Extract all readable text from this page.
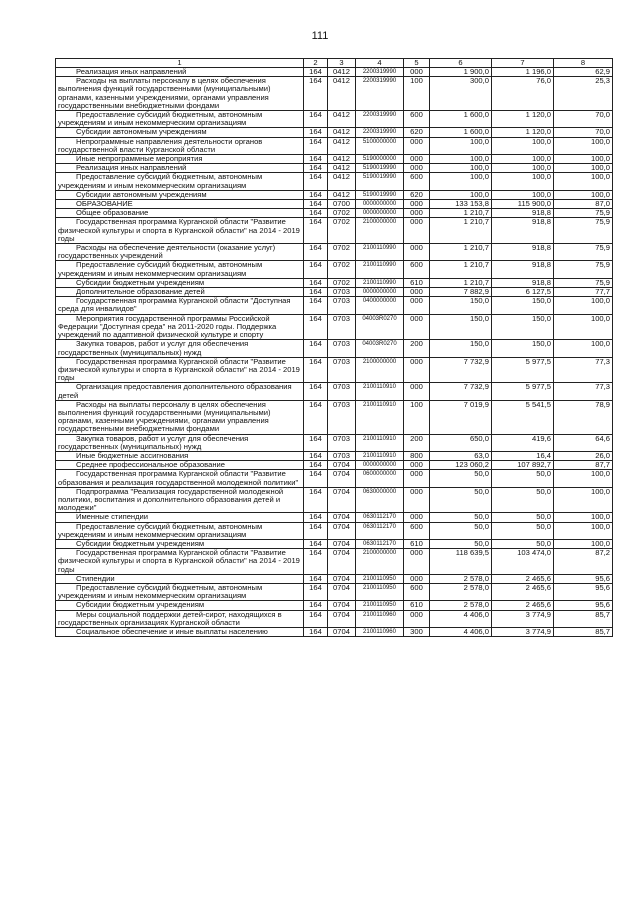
111
1	2	3	4	5	6	7	8
Реализация иных направлений	164	0412	2200319990	000	1 900,0	1 196,0	62,9
Расходы на выплаты персоналу в целях обеспечения выполнения функций государственными (муниципальными) органами, казенными учреждениями, органами управления государственными внебюджетными фондами	164	0412	2200319990	100	300,0	76,0	25,3
Предоставление субсидий бюджетным, автономным учреждениям и иным некоммерческим организациям	164	0412	2200319990	600	1 600,0	1 120,0	70,0
Субсидии автономным учреждениям	164	0412	2200319990	620	1 600,0	1 120,0	70,0
Непрограммные направления деятельности органов государственной власти Курганской области	164	0412	5100000000	000	100,0	100,0	100,0
Иные непрограммные мероприятия	164	0412	5190000000	000	100,0	100,0	100,0
Реализация иных направлений	164	0412	5190019990	000	100,0	100,0	100,0
Предоставление субсидий бюджетным, автономным учреждениям и иным некоммерческим организациям	164	0412	5190019990	600	100,0	100,0	100,0
Субсидии автономным учреждениям	164	0412	5190019990	620	100,0	100,0	100,0
ОБРАЗОВАНИЕ	164	0700	0000000000	000	133 153,8	115 900,0	87,0
Общее образование	164	0702	0000000000	000	1 210,7	918,8	75,9
Государственная программа Курганской области "Развитие физической культуры и спорта в Курганской области" на 2014 - 2019 годы	164	0702	2100000000	000	1 210,7	918,8	75,9
Расходы на обеспечение деятельности (оказание услуг) государственных учреждений	164	0702	2100110990	000	1 210,7	918,8	75,9
Предоставление субсидий бюджетным, автономным учреждениям и иным некоммерческим организациям	164	0702	2100110990	600	1 210,7	918,8	75,9
Субсидии бюджетным учреждениям	164	0702	2100110990	610	1 210,7	918,8	75,9
Дополнительное образование детей	164	0703	0000000000	000	7 882,9	6 127,5	77,7
Государственная программа Курганской области "Доступная среда для инвалидов"	164	0703	0400000000	000	150,0	150,0	100,0
Мероприятия государственной программы Российской Федерации "Доступная среда" на 2011-2020 годы. Поддержка учреждений по адаптивной физической культуре и спорту	164	0703	04003R0270	000	150,0	150,0	100,0
Закупка товаров, работ и услуг для обеспечения государственных (муниципальных) нужд	164	0703	04003R0270	200	150,0	150,0	100,0
Государственная программа Курганской области "Развитие физической культуры и спорта в Курганской области" на 2014 - 2019 годы	164	0703	2100000000	000	7 732,9	5 977,5	77,3
Организация предоставления дополнительного образования детей	164	0703	2100110910	000	7 732,9	5 977,5	77,3
Расходы на выплаты персоналу в целях обеспечения выполнения функций государственными (муниципальными) органами, казенными учреждениями, органами управления государственными внебюджетными фондами	164	0703	2100110910	100	7 019,9	5 541,5	78,9
Закупка товаров, работ и услуг для обеспечения государственных (муниципальных) нужд	164	0703	2100110910	200	650,0	419,6	64,6
Иные бюджетные ассигнования	164	0703	2100110910	800	63,0	16,4	26,0
Среднее профессиональное образование	164	0704	0000000000	000	123 060,2	107 892,7	87,7
Государственная программа Курганской области "Развитие образования и реализация государственной молодежной политики"	164	0704	0600000000	000	50,0	50,0	100,0
Подпрограмма "Реализация государственной молодежной политики, воспитания и дополнительного образования детей и молодежи"	164	0704	0630000000	000	50,0	50,0	100,0
Именные стипендии	164	0704	0630112170	000	50,0	50,0	100,0
Предоставление субсидий бюджетным, автономным учреждениям и иным некоммерческим организациям	164	0704	0630112170	600	50,0	50,0	100,0
Субсидии бюджетным учреждениям	164	0704	0630112170	610	50,0	50,0	100,0
Государственная программа Курганской области "Развитие физической культуры и спорта в Курганской области" на 2014 - 2019 годы	164	0704	2100000000	000	118 639,5	103 474,0	87,2
Стипендии	164	0704	2100110950	000	2 578,0	2 465,6	95,6
Предоставление субсидий бюджетным, автономным учреждениям и иным некоммерческим организациям	164	0704	2100110950	600	2 578,0	2 465,6	95,6
Субсидии бюджетным учреждениям	164	0704	2100110950	610	2 578,0	2 465,6	95,6
Меры социальной поддержки детей-сирот, находящихся в государственных организациях Курганской области	164	0704	2100110960	000	4 406,0	3 774,9	85,7
Социальное обеспечение и иные выплаты населению	164	0704	2100110960	300	4 406,0	3 774,9	85,7
